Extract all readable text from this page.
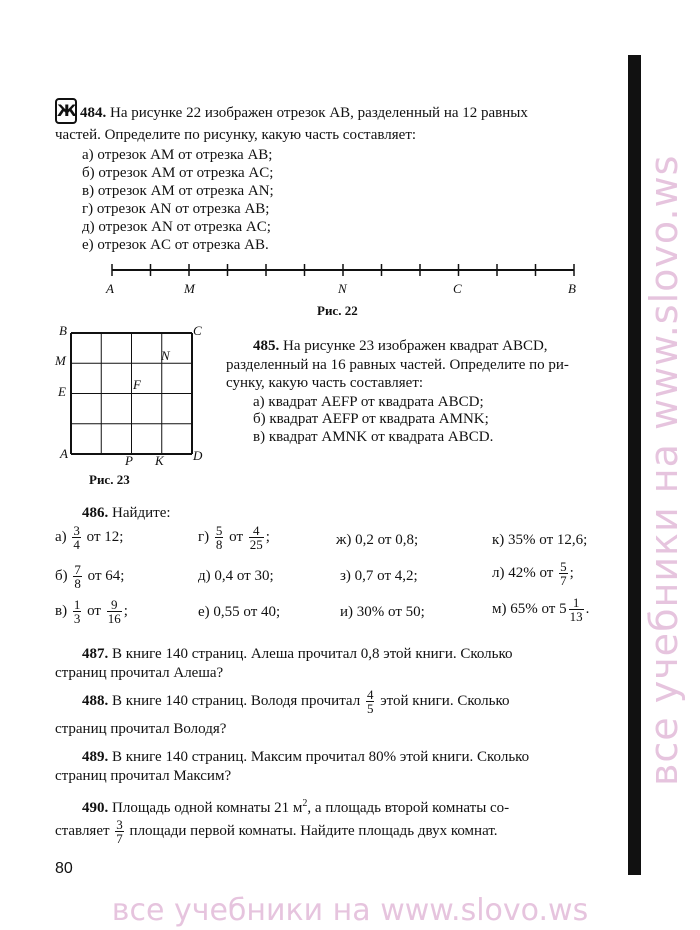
все учебники на www.slovo.ws
все учебники на www.slovo.ws
Ж 484. На рисунке 22 изображен отрезок AB, разделенный на 12 равных
частей. Определите по рисунку, какую часть составляет:
а) отрезок AM от отрезка AB;
б) отрезок AM от отрезка AC;
в) отрезок AM от отрезка AN;
г) отрезок AN от отрезка AB;
д) отрезок AN от отрезка AC;
е) отрезок AC от отрезка AB.
A	M	N	C	B
Рис. 22
B	C
M	N
F
E
A	P K D
Рис. 23
485. На рисунке 23 изображен квадрат ABCD,
разделенный на 16 равных частей. Определите по ри-
сунку, какую часть составляет:
а) квадрат AEFP от квадрата ABCD;
б) квадрат AEFP от квадрата AMNK;
в) квадрат AMNK от квадрата ABCD.
486. Найдите:
$а) \frac{3}{4}$ от 12;
$б) \frac{7}{8}$ от 64;
$в) \frac{1}{3}$ от $\frac{9}{16}$ ;
$г) \frac{5}{8}$ от $\frac{4}{25}$ ;
д) 0,4 от 30;
е) 0,55 от 40;
ж) 0,2 от 0,8;
з) 0,7 от 4,2;
и) 30% от 50;
к) 35% от 12,6;
л) 42% от $\frac{5}{7}$ ;
м) 65% от $5 \frac{1}{13}$ .
487. В книге 140 страниц. Алеша прочитал 0,8 этой книги. Сколько
страниц прочитал Алеша?
488. В книге 140 страниц. Володя прочитал $\frac{4}{5}$ этой книги. Сколько
страниц прочитал Володя?
489. В книге 140 страниц. Максим прочитал 80% этой книги. Сколько
страниц прочитал Максим?
490. Площадь одной комнаты 21 $м^2$, а площадь второй комнаты со-
ставляет $\frac{3}{7}$ площади первой комнаты. Найдите площадь двух комнат.
80
